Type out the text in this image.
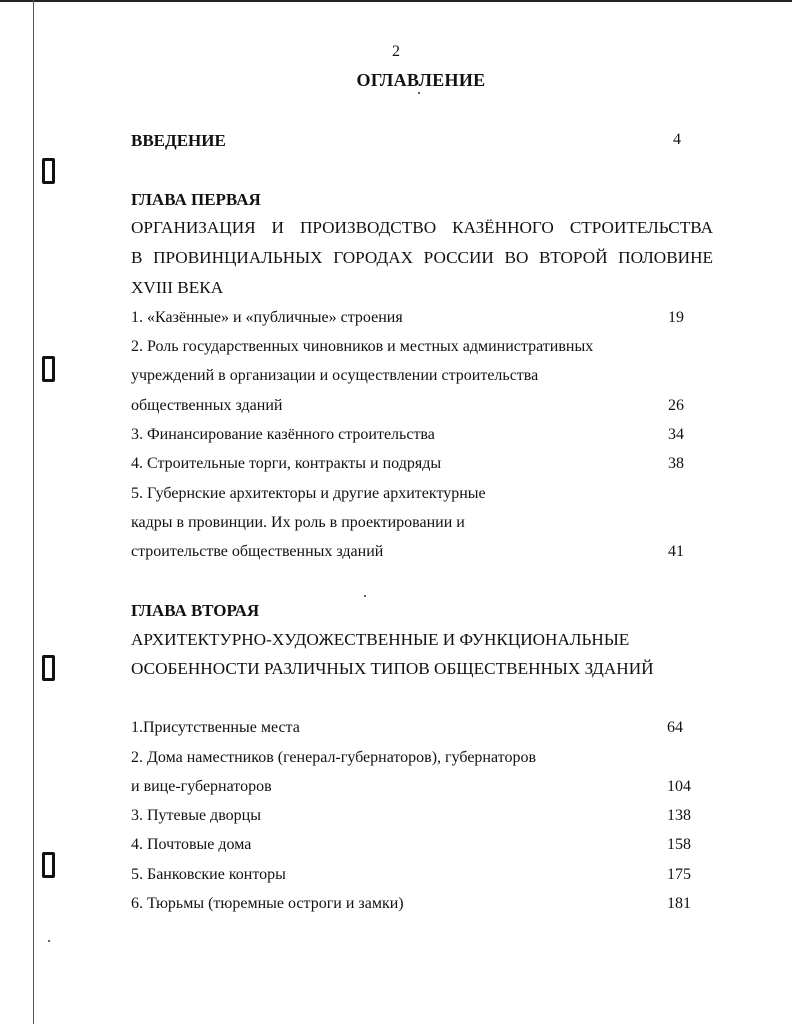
2
ОГЛАВЛЕНИЕ
ВВЕДЕНИЕ	4
ГЛАВА ПЕРВАЯ
ОРГАНИЗАЦИЯ И ПРОИЗВОДСТВО КАЗЁННОГО СТРОИТЕЛЬСТВА
В ПРОВИНЦИАЛЬНЫХ ГОРОДАХ РОССИИ ВО ВТОРОЙ ПОЛОВИНЕ
XVIII ВЕКА
1. «Казённые» и «публичные» строения	19
2. Роль государственных чиновников и местных административных
учреждений в организации и осуществлении строительства
общественных зданий	26
3. Финансирование казённого строительства	34
4. Строительные торги, контракты и подряды	38
5. Губернские архитекторы и другие архитектурные
кадры в провинции. Их роль в проектировании и
строительстве общественных зданий	41
ГЛАВА ВТОРАЯ
АРХИТЕКТУРНО-ХУДОЖЕСТВЕННЫЕ И ФУНКЦИОНАЛЬНЫЕ
ОСОБЕННОСТИ РАЗЛИЧНЫХ ТИПОВ ОБЩЕСТВЕННЫХ ЗДАНИЙ
1.Присутственные места	64
2. Дома наместников (генерал-губернаторов), губернаторов
и вице-губернаторов	104
3. Путевые дворцы	138
4. Почтовые дома	158
5. Банковские конторы	175
6. Тюрьмы (тюремные остроги и замки)	181
